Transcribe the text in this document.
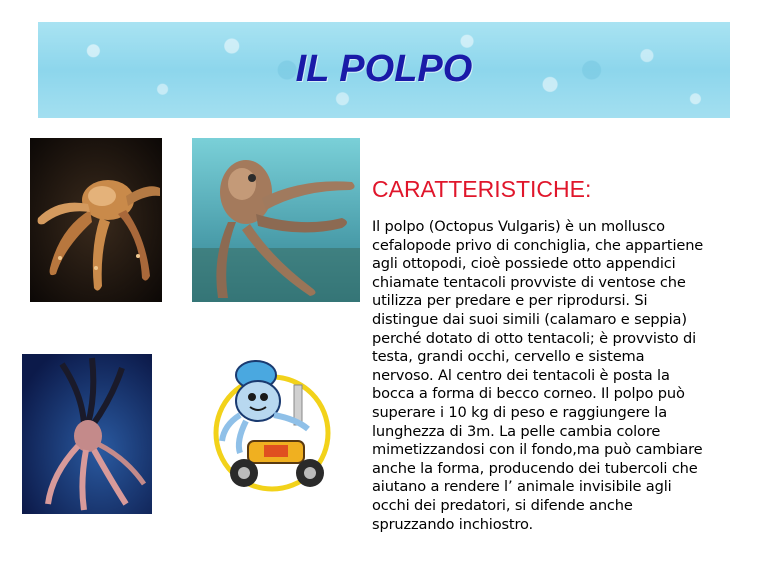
IL POLPO
CARATTERISTICHE:
Il polpo (Octopus Vulgaris) è un mollusco
cefalopode privo di conchiglia, che appartiene
agli ottopodi, cioè possiede otto appendici
chiamate tentacoli provviste di ventose che
utilizza per predare e per riprodursi. Si
distingue dai suoi simili (calamaro e seppia)
perché dotato di otto tentacoli; è provvisto di
testa, grandi occhi, cervello e sistema
nervoso. Al centro dei tentacoli è posta la
bocca a forma di becco corneo. Il polpo può
superare i 10 kg di peso e raggiungere la
lunghezza di 3m. La pelle cambia colore
mimetizzandosi con il fondo,ma può cambiare
anche la forma, producendo dei tubercoli che
aiutano a rendere l’ animale invisibile agli
occhi dei predatori, si difende anche
spruzzando inchiostro.
